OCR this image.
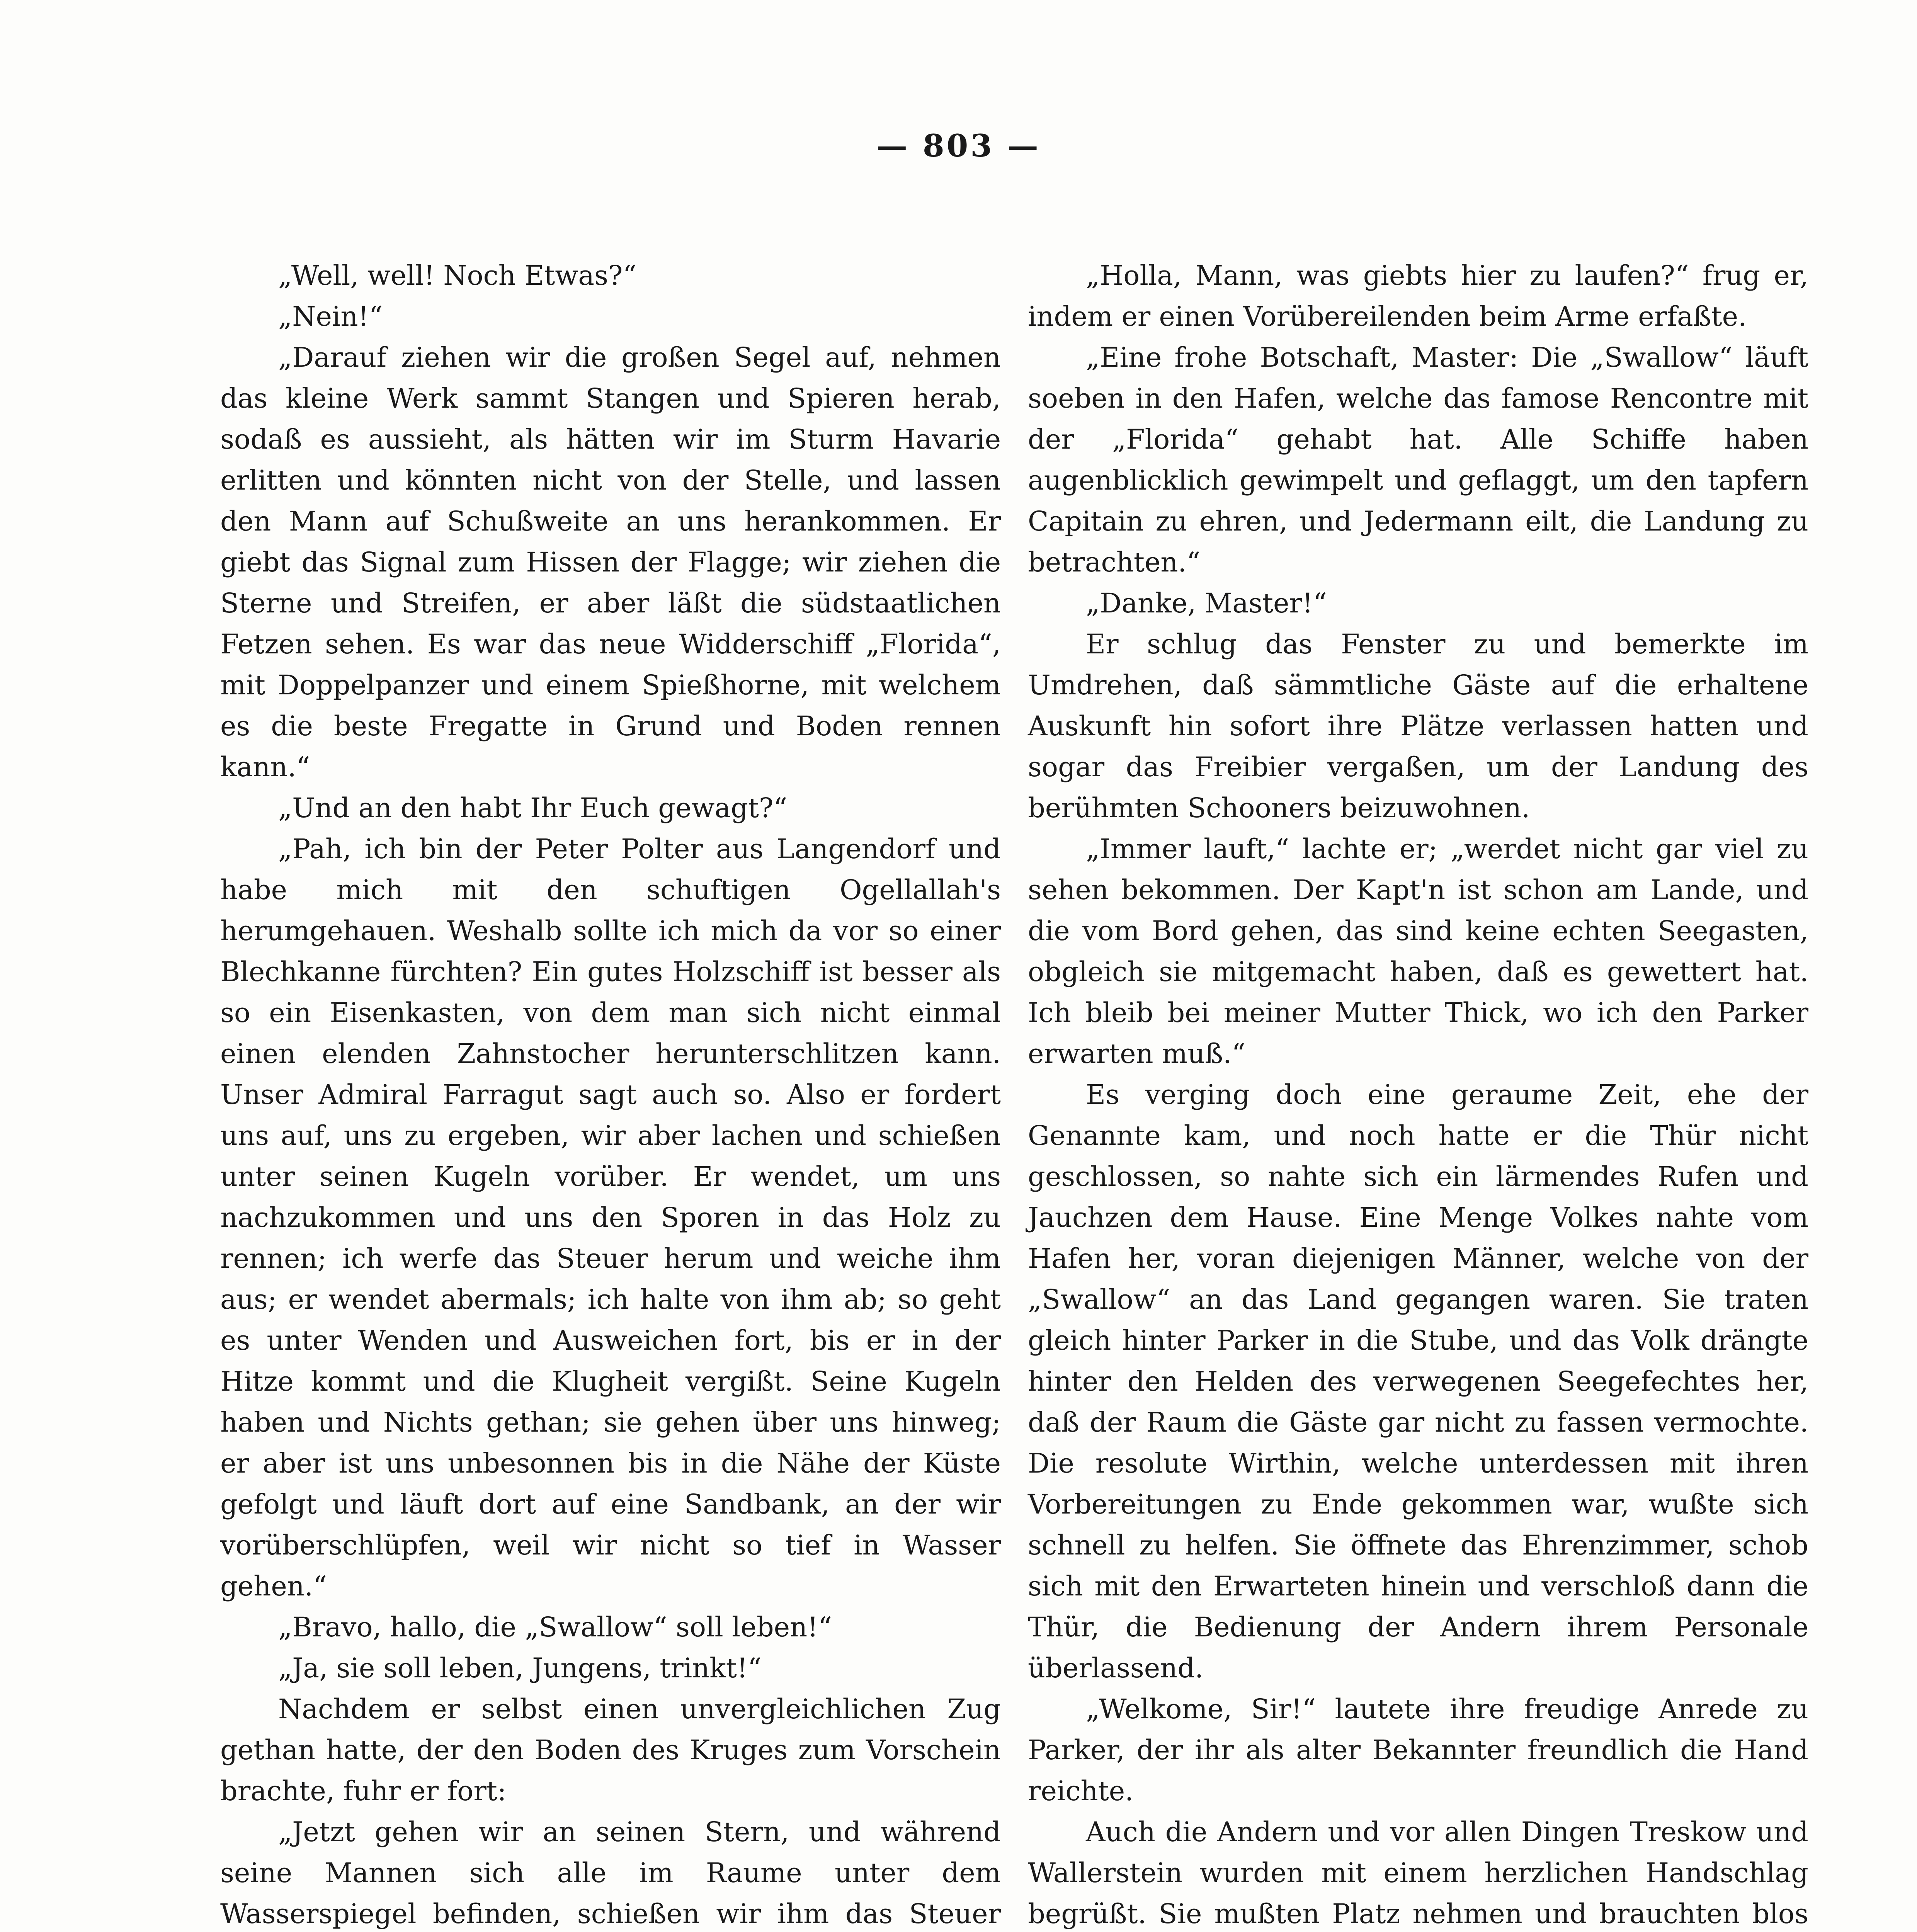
— 803 —

„Well, well! Noch Etwas?“

„Nein!“

„Darauf ziehen wir die großen Segel auf, nehmen das kleine Werk sammt Stangen und Spieren herab, sodaß es aussieht, als hätten wir im Sturm Havarie erlitten und könnten nicht von der Stelle, und lassen den Mann auf Schußweite an uns herankommen. Er giebt das Signal zum Hissen der Flagge; wir ziehen die Sterne und Streifen, er aber läßt die südstaatlichen Fetzen sehen. Es war das neue Widderschiff „Florida“, mit Doppelpanzer und einem Spießhorne, mit welchem es die beste Fregatte in Grund und Boden rennen kann.“

„Und an den habt Ihr Euch gewagt?“

„Pah, ich bin der Peter Polter aus Langendorf und habe mich mit den schuftigen Ogellallah's herumgehauen. Weshalb sollte ich mich da vor so einer Blechkanne fürchten? Ein gutes Holzschiff ist besser als so ein Eisenkasten, von dem man sich nicht einmal einen elenden Zahnstocher herunterschlitzen kann. Unser Admiral Farragut sagt auch so. Also er fordert uns auf, uns zu ergeben, wir aber lachen und schießen unter seinen Kugeln vorüber. Er wendet, um uns nachzukommen und uns den Sporen in das Holz zu rennen; ich werfe das Steuer herum und weiche ihm aus; er wendet abermals; ich halte von ihm ab; so geht es unter Wenden und Ausweichen fort, bis er in der Hitze kommt und die Klugheit vergißt. Seine Kugeln haben und Nichts gethan; sie gehen über uns hinweg; er aber ist uns unbesonnen bis in die Nähe der Küste gefolgt und läuft dort auf eine Sandbank, an der wir vorüberschlüpfen, weil wir nicht so tief in Wasser gehen.“

„Bravo, hallo, die „Swallow“ soll leben!“

„Ja, sie soll leben, Jungens, trinkt!“

Nachdem er selbst einen unvergleichlichen Zug gethan hatte, der den Boden des Kruges zum Vorschein brachte, fuhr er fort:

„Jetzt gehen wir an seinen Stern, und während seine Mannen sich alle im Raume unter dem Wasserspiegel befinden, schießen wir ihm das Steuer

„Holla, Mann, was giebts hier zu laufen?“ frug er, indem er einen Vorübereilenden beim Arme erfaßte.

„Eine frohe Botschaft, Master: Die „Swallow“ läuft soeben in den Hafen, welche das famose Rencontre mit der „Florida“ gehabt hat. Alle Schiffe haben augenblicklich gewimpelt und geflaggt, um den tapfern Capitain zu ehren, und Jedermann eilt, die Landung zu betrachten.“

„Danke, Master!“

Er schlug das Fenster zu und bemerkte im Umdrehen, daß sämmtliche Gäste auf die erhaltene Auskunft hin sofort ihre Plätze verlassen hatten und sogar das Freibier vergaßen, um der Landung des berühmten Schooners beizuwohnen.

„Immer lauft,“ lachte er; „werdet nicht gar viel zu sehen bekommen. Der Kapt'n ist schon am Lande, und die vom Bord gehen, das sind keine echten Seegasten, obgleich sie mitgemacht haben, daß es gewettert hat. Ich bleib bei meiner Mutter Thick, wo ich den Parker erwarten muß.“

Es verging doch eine geraume Zeit, ehe der Genannte kam, und noch hatte er die Thür nicht geschlossen, so nahte sich ein lärmendes Rufen und Jauchzen dem Hause. Eine Menge Volkes nahte vom Hafen her, voran diejenigen Männer, welche von der „Swallow“ an das Land gegangen waren. Sie traten gleich hinter Parker in die Stube, und das Volk drängte hinter den Helden des verwegenen Seegefechtes her, daß der Raum die Gäste gar nicht zu fassen vermochte. Die resolute Wirthin, welche unterdessen mit ihren Vorbereitungen zu Ende gekommen war, wußte sich schnell zu helfen. Sie öffnete das Ehrenzimmer, schob sich mit den Erwarteten hinein und verschloß dann die Thür, die Bedienung der Andern ihrem Personale überlassend.

„Welkome, Sir!“ lautete ihre freudige Anrede zu Parker, der ihr als alter Bekannter freundlich die Hand reichte.

Auch die Andern und vor allen Dingen Treskow und Wallerstein wurden mit einem herzlichen Handschlag begrüßt. Sie mußten Platz nehmen und brauchten blos
